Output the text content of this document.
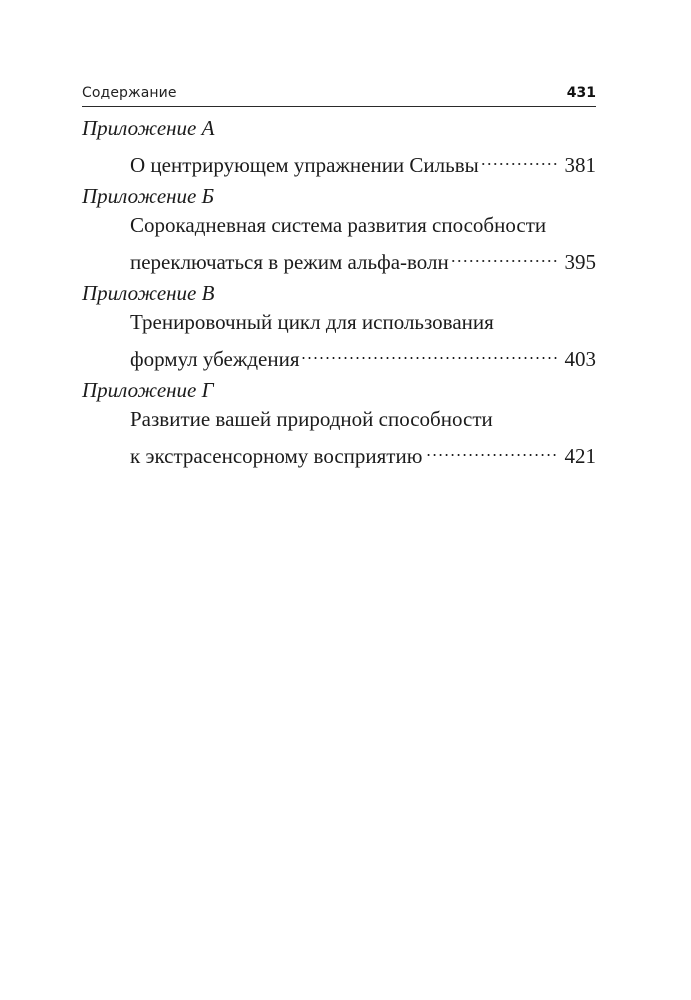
Содержание	431
Приложение А
О центрирующем упражнении Сильвы	381
Приложение Б
Сорокадневная система развития способности
переключаться в режим альфа-волн	395
Приложение В
Тренировочный цикл для использования
формул убеждения	403
Приложение Г
Развитие вашей природной способности
к экстрасенсорному восприятию	421
